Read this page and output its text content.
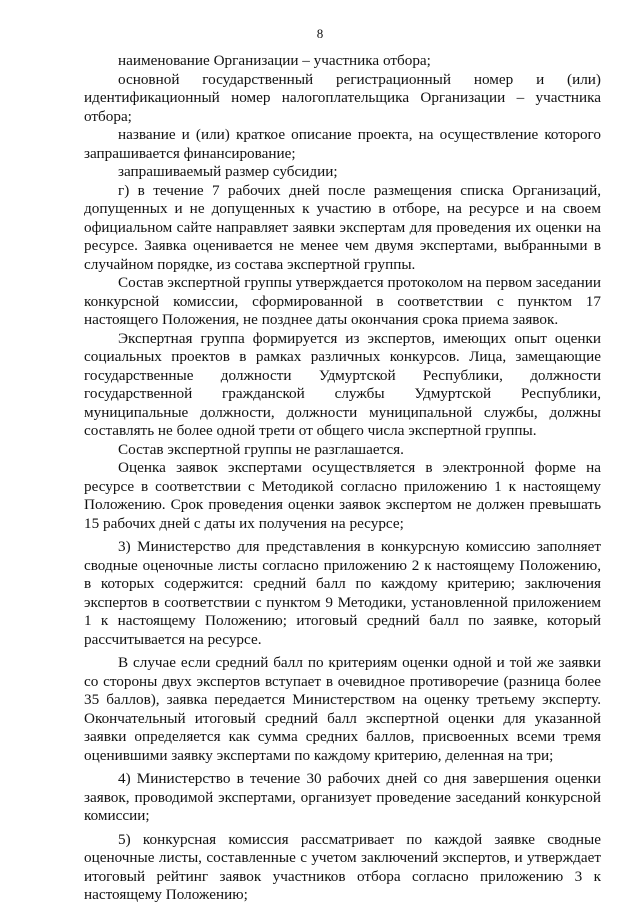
8

наименование Организации – участника отбора;

основной государственный регистрационный номер и (или) идентификационный номер налогоплательщика Организации – участника отбора;

название и (или) краткое описание проекта, на осуществление которого запрашивается финансирование;

запрашиваемый размер субсидии;

г) в течение 7 рабочих дней после размещения списка Организаций, допущенных и не допущенных к участию в отборе, на ресурсе и на своем официальном сайте направляет заявки экспертам для проведения их оценки на ресурсе. Заявка оценивается не менее чем двумя экспертами, выбранными в случайном порядке, из состава экспертной группы.

Состав экспертной группы утверждается протоколом на первом заседании конкурсной комиссии, сформированной в соответствии с пунктом 17 настоящего Положения, не позднее даты окончания срока приема заявок.

Экспертная группа формируется из экспертов, имеющих опыт оценки социальных проектов в рамках различных конкурсов. Лица, замещающие государственные должности Удмуртской Республики, должности государственной гражданской службы Удмуртской Республики, муниципальные должности, должности муниципальной службы, должны составлять не более одной трети от общего числа экспертной группы.

Состав экспертной группы не разглашается.

Оценка заявок экспертами осуществляется в электронной форме на ресурсе в соответствии с Методикой согласно приложению 1 к настоящему Положению. Срок проведения оценки заявок экспертом не должен превышать 15 рабочих дней с даты их получения на ресурсе;

3) Министерство для представления в конкурсную комиссию заполняет сводные оценочные листы согласно приложению 2 к настоящему Положению, в которых содержится: средний балл по каждому критерию; заключения экспертов в соответствии с пунктом 9 Методики, установленной приложением 1 к настоящему Положению; итоговый средний балл по заявке, который рассчитывается на ресурсе.

В случае если средний балл по критериям оценки одной и той же заявки со стороны двух экспертов вступает в очевидное противоречие (разница более 35 баллов), заявка передается Министерством на оценку третьему эксперту. Окончательный итоговый средний балл экспертной оценки для указанной заявки определяется как сумма средних баллов, присвоенных всеми тремя оценившими заявку экспертами по каждому критерию, деленная на три;

4) Министерство в течение 30 рабочих дней со дня завершения оценки заявок, проводимой экспертами, организует проведение заседаний конкурсной комиссии;

5) конкурсная комиссия рассматривает по каждой заявке сводные оценочные листы, составленные с учетом заключений экспертов, и утверждает итоговый рейтинг заявок участников отбора согласно приложению 3 к настоящему Положению;
